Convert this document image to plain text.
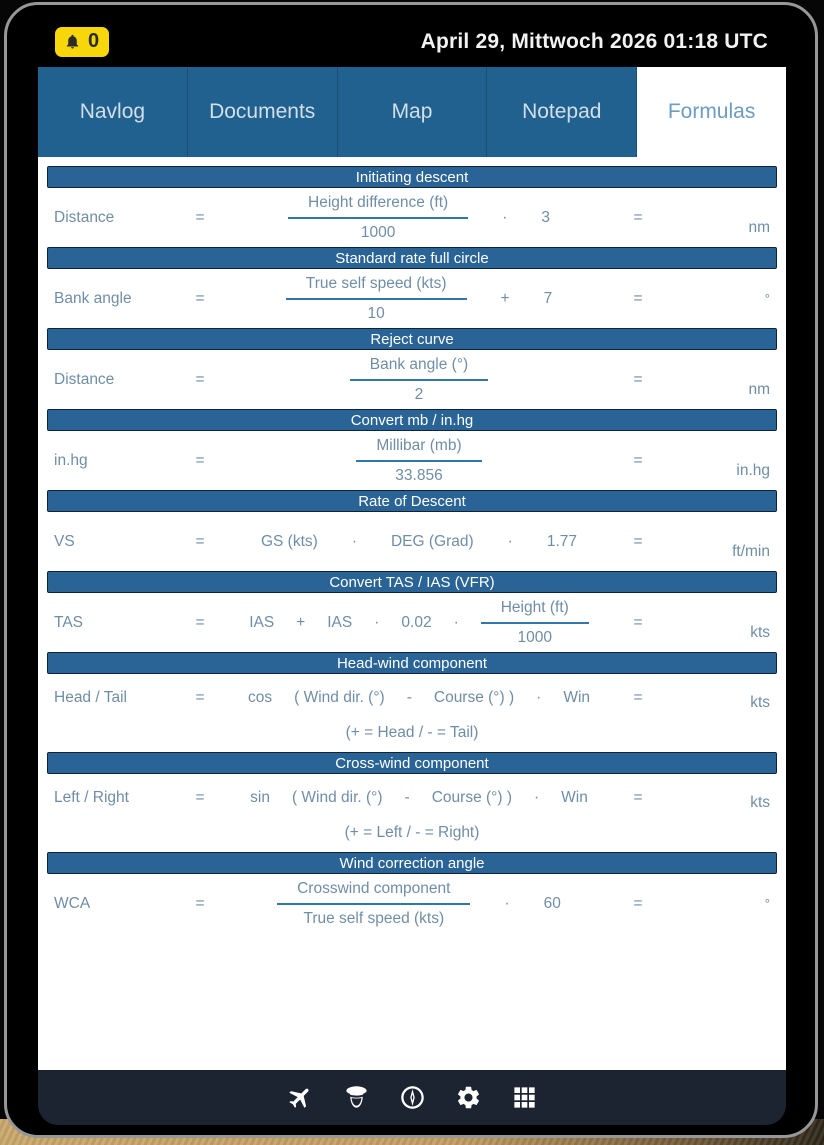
0	April 29, Mittwoch 2026 01:18 UTC
Navlog	Documents	Map	Notepad	Formulas
Initiating descent
Distance	=	$\frac{\text{Height difference (ft)}}{1000} \cdot 3$	=
nm
Standard rate full circle
Bank angle	=	$\frac{\text{True self speed (kts)}}{10} + 7$	=	°
Reject curve
Distance	=	$\frac{\text{Bank angle (°)}}{2}$	=
nm
Convert mb / in.hg
in.hg	=	$\frac{\text{Millibar (mb)}}{33.856}$	=
in.hg
Rate of Descent
VS	=	GS (kts) · DEG (Grad) · 1.77	=
ft/min
Convert TAS / IAS (VFR)
TAS	=	IAS + IAS · $0.02 \cdot \frac{\text{Height (ft)}}{1000}$	=
kts
Head-wind component
Head / Tail	=	cos ( Wind dir. (°) - Course (°) ) · Win	=	kts
(+ = Head / - = Tail)
Cross-wind component
Left / Right	=	sin ( Wind dir. (°) - Course (°) ) · Win	=	kts
(+ = Left / - = Right)
Wind correction angle
WCA	=	$\frac{\text{Crosswind component}}{\text{True self speed (kts)}} \cdot 60$	=	°
